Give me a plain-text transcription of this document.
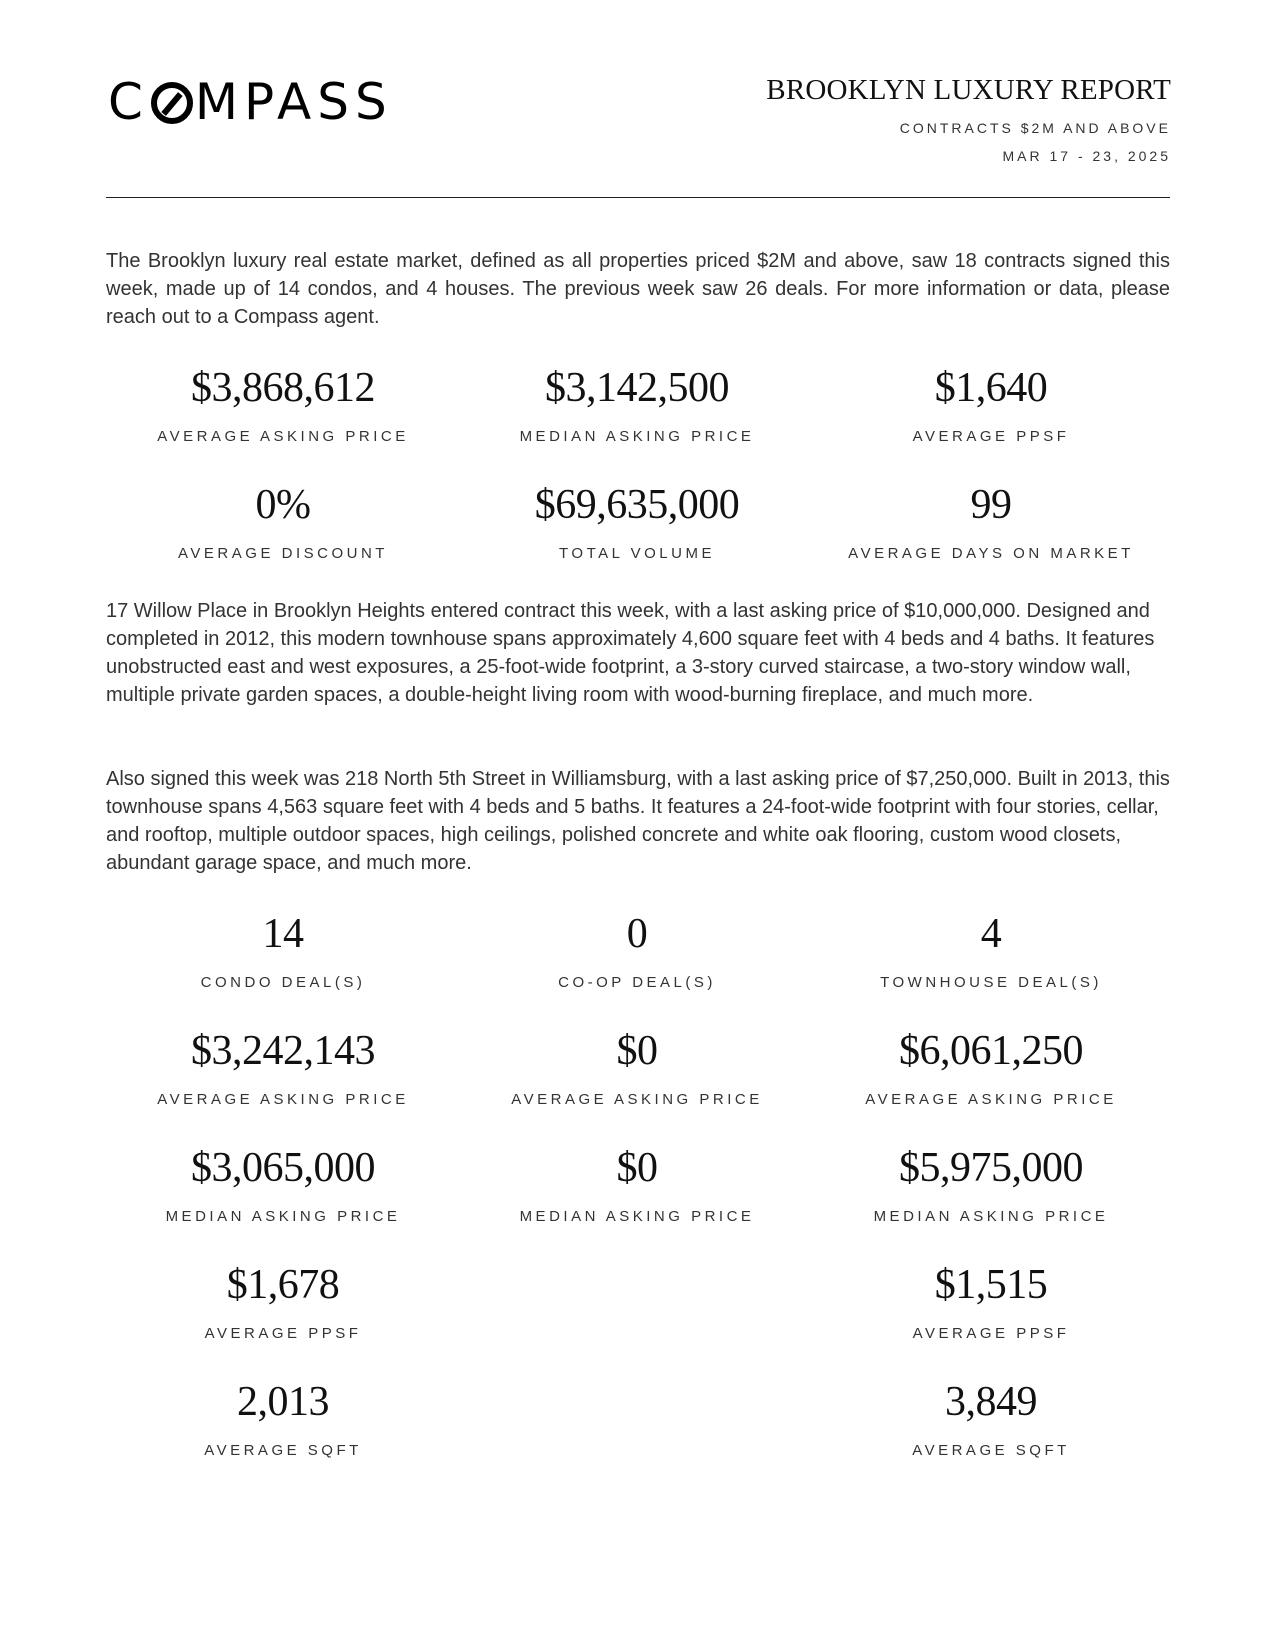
C MPASS	BROOKLYN LUXURY REPORT
CONTRACTS $2M AND ABOVE
MAR 17 - 23, 2025

The Brooklyn luxury real estate market, defined as all properties priced $2M and above, saw 18 contracts signed this week, made up of 14 condos, and 4 houses. The previous week saw 26 deals. For more information or data, please reach out to a Compass agent.

$3,868,612
AVERAGE ASKING PRICE
$3,142,500
MEDIAN ASKING PRICE
$1,640
AVERAGE PPSF
0%
AVERAGE DISCOUNT
$69,635,000
TOTAL VOLUME
99
AVERAGE DAYS ON MARKET

17 Willow Place in Brooklyn Heights entered contract this week, with a last asking price of $10,000,000. Designed and completed in 2012, this modern townhouse spans approximately 4,600 square feet with 4 beds and 4 baths. It features unobstructed east and west exposures, a 25-foot-wide footprint, a 3-story curved staircase, a two-story window wall, multiple private garden spaces, a double-height living room with wood-burning fireplace, and much more.

Also signed this week was 218 North 5th Street in Williamsburg, with a last asking price of $7,250,000. Built in 2013, this townhouse spans 4,563 square feet with 4 beds and 5 baths. It features a 24-foot-wide footprint with four stories, cellar, and rooftop, multiple outdoor spaces, high ceilings, polished concrete and white oak flooring, custom wood closets, abundant garage space, and much more.

14
CONDO DEAL(S)
0
CO-OP DEAL(S)
4
TOWNHOUSE DEAL(S)
$3,242,143
AVERAGE ASKING PRICE
$0
AVERAGE ASKING PRICE
$6,061,250
AVERAGE ASKING PRICE
$3,065,000
MEDIAN ASKING PRICE
$0
MEDIAN ASKING PRICE
$5,975,000
MEDIAN ASKING PRICE
$1,678
AVERAGE PPSF
$1,515
AVERAGE PPSF
2,013
AVERAGE SQFT
3,849
AVERAGE SQFT
